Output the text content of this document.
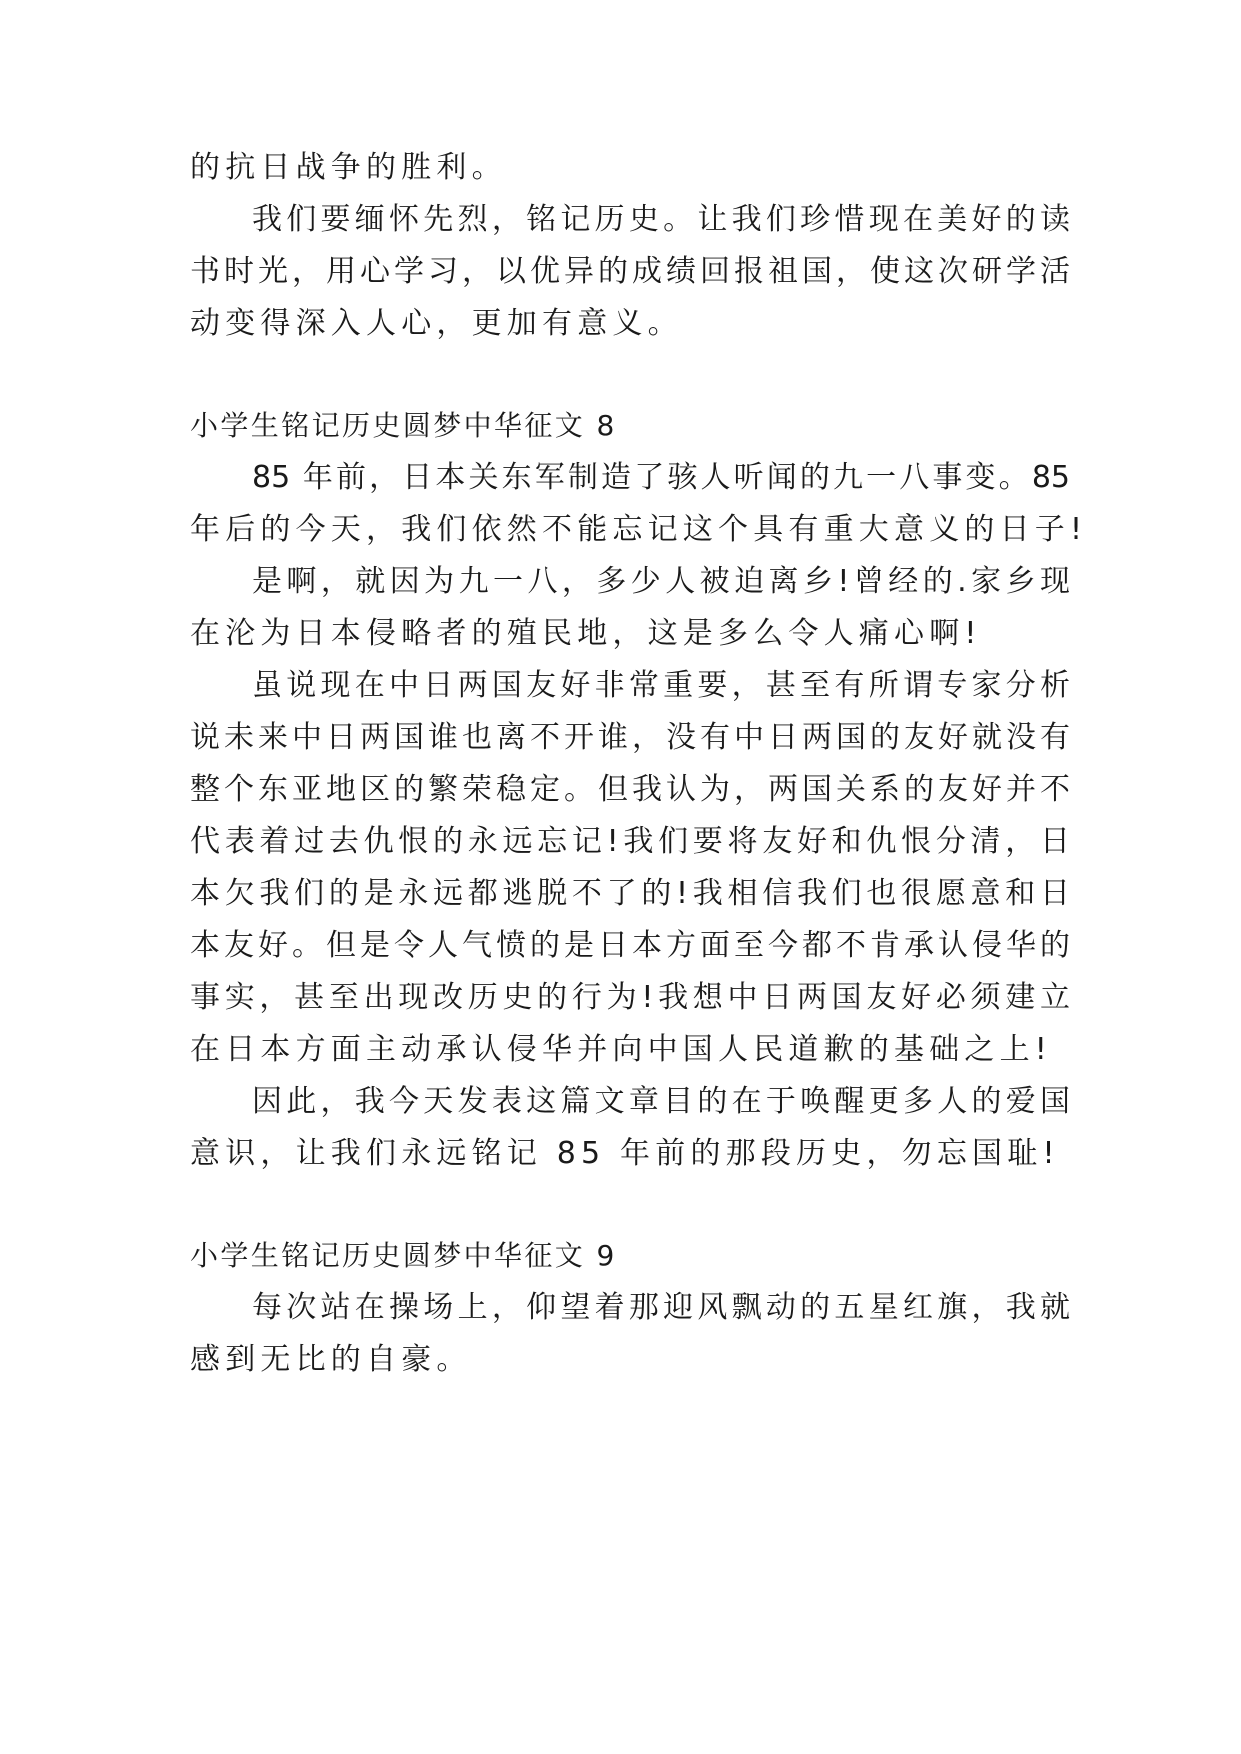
的抗日战争的胜利。
我们要缅怀先烈，铭记历史。让我们珍惜现在美好的读
书时光，用心学习，以优异的成绩回报祖国，使这次研学活
动变得深入人心，更加有意义。
小学生铭记历史圆梦中华征文 8
85 年前，日本关东军制造了骇人听闻的九一八事变。85
年后的今天，我们依然不能忘记这个具有重大意义的日子!
是啊，就因为九一八，多少人被迫离乡!曾经的.家乡现
在沦为日本侵略者的殖民地，这是多么令人痛心啊!
虽说现在中日两国友好非常重要，甚至有所谓专家分析
说未来中日两国谁也离不开谁，没有中日两国的友好就没有
整个东亚地区的繁荣稳定。但我认为，两国关系的友好并不
代表着过去仇恨的永远忘记!我们要将友好和仇恨分清，日
本欠我们的是永远都逃脱不了的!我相信我们也很愿意和日
本友好。但是令人气愤的是日本方面至今都不肯承认侵华的
事实，甚至出现改历史的行为!我想中日两国友好必须建立
在日本方面主动承认侵华并向中国人民道歉的基础之上!
因此，我今天发表这篇文章目的在于唤醒更多人的爱国
意识，让我们永远铭记 85 年前的那段历史，勿忘国耻!
小学生铭记历史圆梦中华征文 9
每次站在操场上，仰望着那迎风飘动的五星红旗，我就
感到无比的自豪。
